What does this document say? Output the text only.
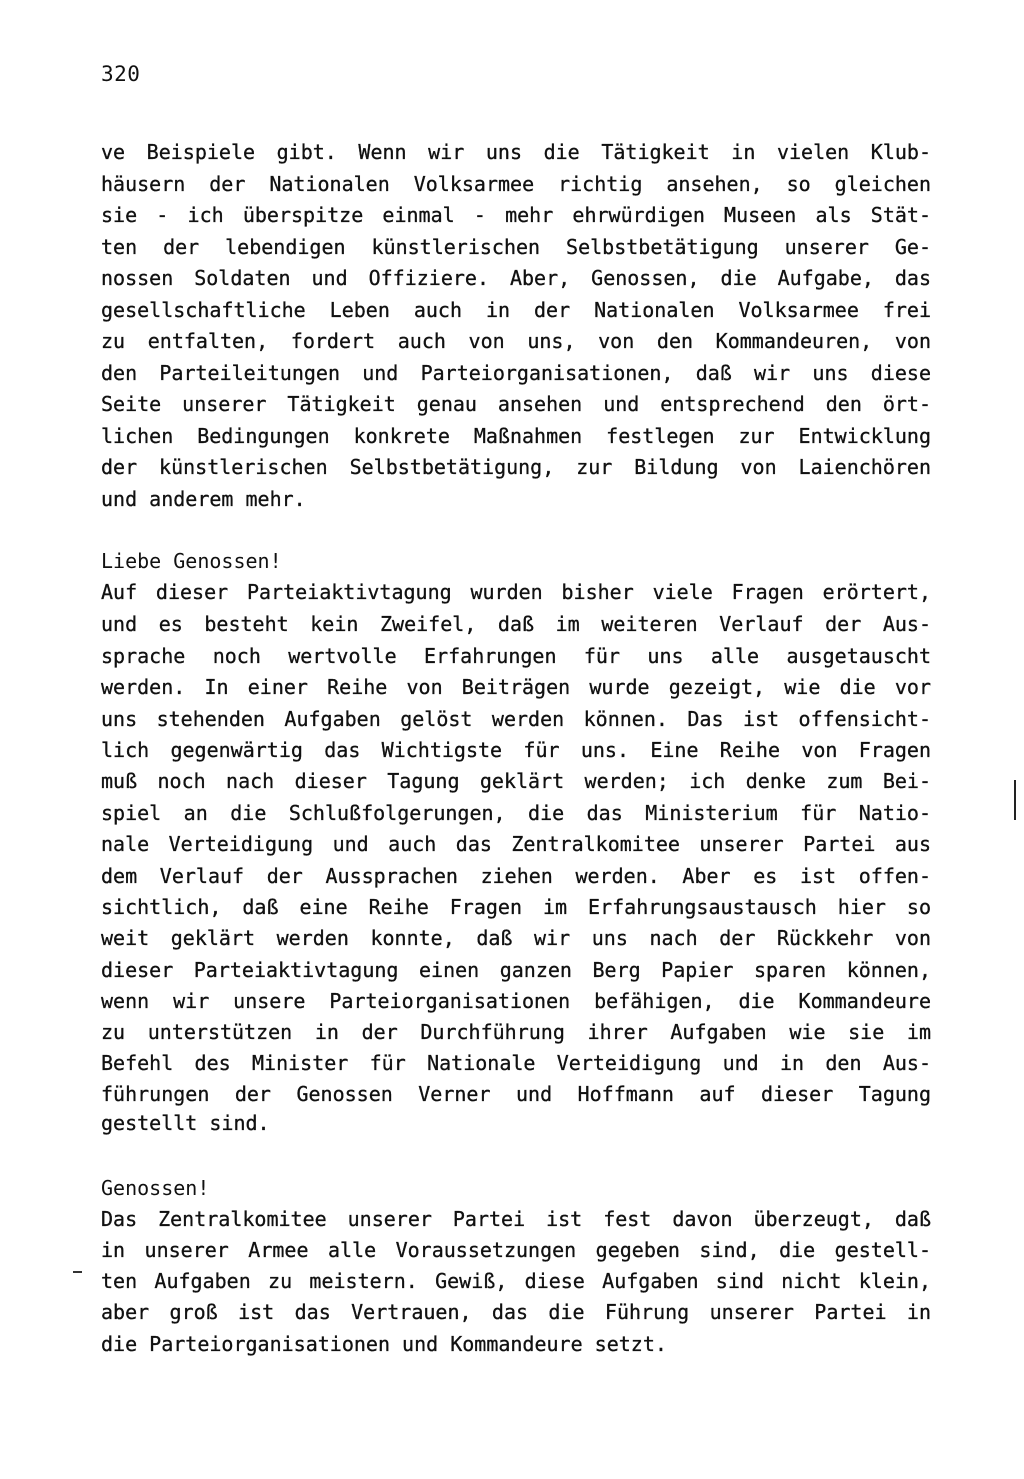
320

ve Beispiele gibt. Wenn wir uns die Tätigkeit in vielen Klub-
häusern der Nationalen Volksarmee richtig ansehen, so gleichen
sie - ich überspitze einmal - mehr ehrwürdigen Museen als Stät-
ten der lebendigen künstlerischen Selbstbetätigung unserer Ge-
nossen Soldaten und Offiziere. Aber, Genossen, die Aufgabe, das
gesellschaftliche Leben auch in der Nationalen Volksarmee frei
zu entfalten, fordert auch von uns, von den Kommandeuren, von
den Parteileitungen und Parteiorganisationen, daß wir uns diese
Seite unserer Tätigkeit genau ansehen und entsprechend den ört-
lichen Bedingungen konkrete Maßnahmen festlegen zur Entwicklung
der künstlerischen Selbstbetätigung, zur Bildung von Laienchören
und anderem mehr.
Liebe Genossen!
Auf dieser Parteiaktivtagung wurden bisher viele Fragen erörtert,
und es besteht kein Zweifel, daß im weiteren Verlauf der Aus-
sprache noch wertvolle Erfahrungen für uns alle ausgetauscht
werden. In einer Reihe von Beiträgen wurde gezeigt, wie die vor
uns stehenden Aufgaben gelöst werden können. Das ist offensicht-
lich gegenwärtig das Wichtigste für uns. Eine Reihe von Fragen
muß noch nach dieser Tagung geklärt werden; ich denke zum Bei-
spiel an die Schlußfolgerungen, die das Ministerium für Natio-
nale Verteidigung und auch das Zentralkomitee unserer Partei aus
dem Verlauf der Aussprachen ziehen werden. Aber es ist offen-
sichtlich, daß eine Reihe Fragen im Erfahrungsaustausch hier so
weit geklärt werden konnte, daß wir uns nach der Rückkehr von
dieser Parteiaktivtagung einen ganzen Berg Papier sparen können,
wenn wir unsere Parteiorganisationen befähigen, die Kommandeure
zu unterstützen in der Durchführung ihrer Aufgaben wie sie im
Befehl des Minister für Nationale Verteidigung und in den Aus-
führungen der Genossen Verner und Hoffmann auf dieser Tagung
gestellt sind.
Genossen!
Das Zentralkomitee unserer Partei ist fest davon überzeugt, daß
in unserer Armee alle Voraussetzungen gegeben sind, die gestell-
ten Aufgaben zu meistern. Gewiß, diese Aufgaben sind nicht klein,
aber groß ist das Vertrauen, das die Führung unserer Partei in
die Parteiorganisationen und Kommandeure setzt.
